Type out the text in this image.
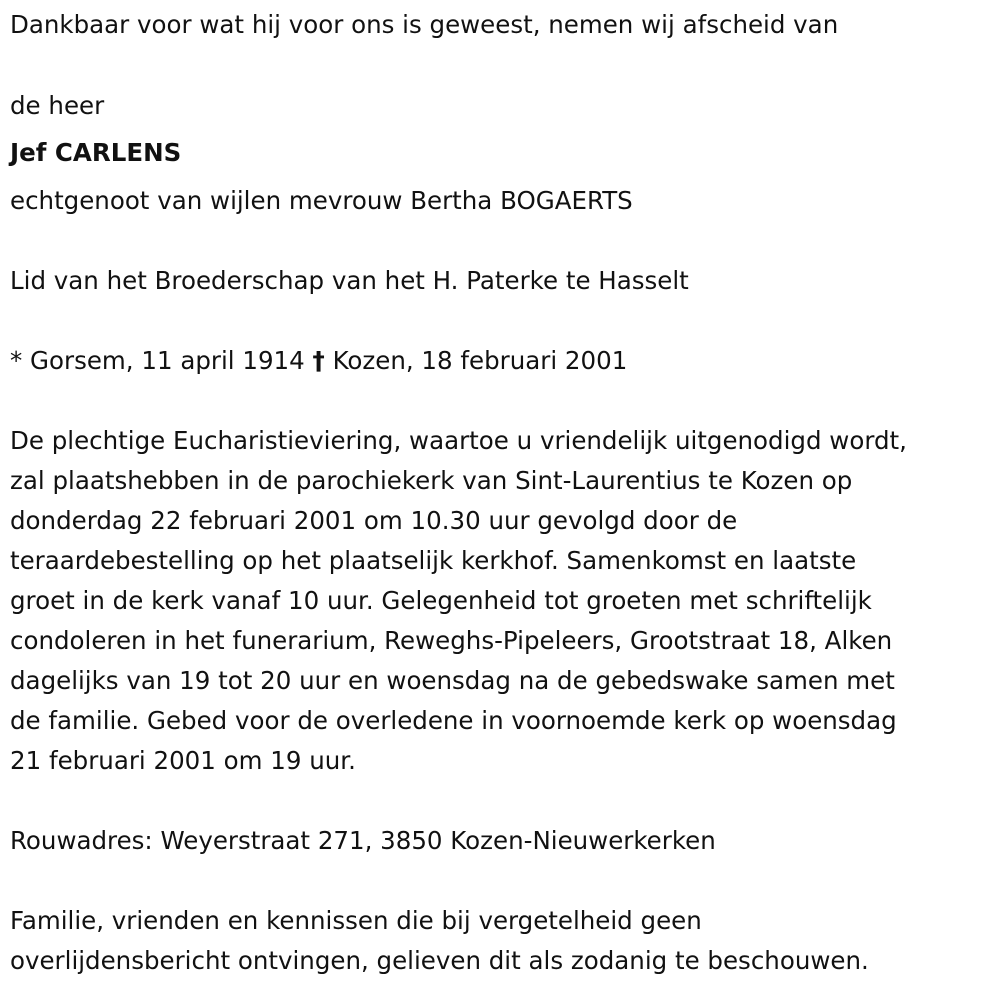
Dankbaar voor wat hij voor ons is geweest, nemen wij afscheid van

de heer

Jef CARLENS

echtgenoot van wijlen mevrouw Bertha BOGAERTS

Lid van het Broederschap van het H. Paterke te Hasselt

* Gorsem, 11 april 1914 † Kozen, 18 februari 2001

De plechtige Eucharistieviering, waartoe u vriendelijk uitgenodigd wordt,
zal plaatshebben in de parochiekerk van Sint-Laurentius te Kozen op
donderdag 22 februari 2001 om 10.30 uur gevolgd door de
teraardebestelling op het plaatselijk kerkhof. Samenkomst en laatste
groet in de kerk vanaf 10 uur. Gelegenheid tot groeten met schriftelijk
condoleren in het funerarium, Reweghs-Pipeleers, Grootstraat 18, Alken
dagelijks van 19 tot 20 uur en woensdag na de gebedswake samen met
de familie. Gebed voor de overledene in voornoemde kerk op woensdag
21 februari 2001 om 19 uur.

Rouwadres: Weyerstraat 271, 3850 Kozen-Nieuwerkerken

Familie, vrienden en kennissen die bij vergetelheid geen
overlijdensbericht ontvingen, gelieven dit als zodanig te beschouwen.
